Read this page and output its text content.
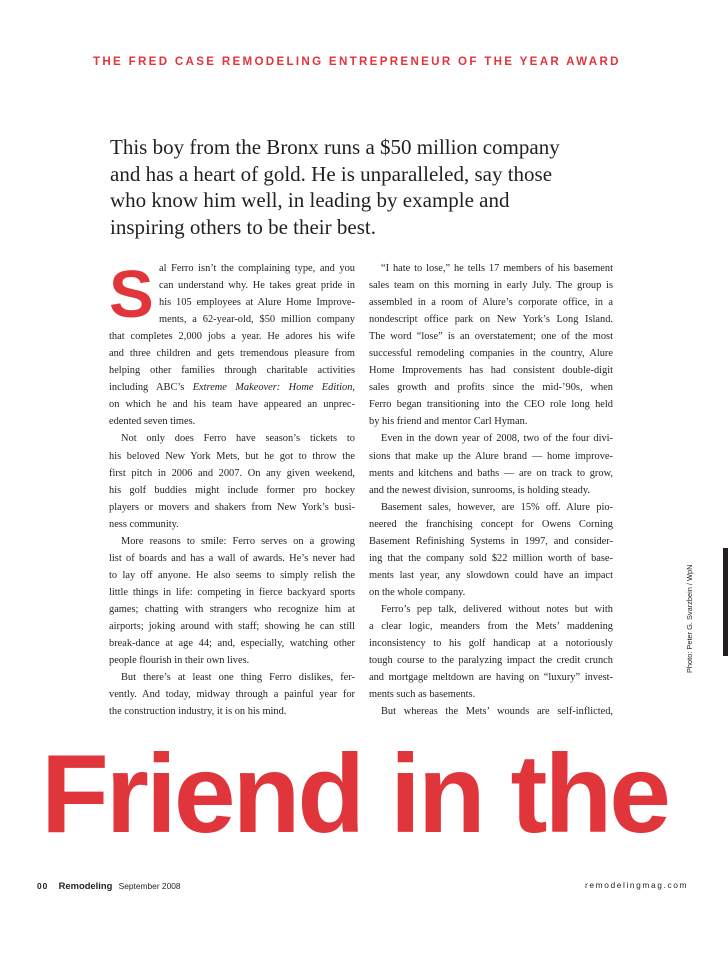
THE FRED CASE REMODELING ENTREPRENEUR OF THE YEAR AWARD
This boy from the Bronx runs a $50 million company
and has a heart of gold. He is unparalleled, say those
who know him well, in leading by example and
inspiring others to be their best.
S al Ferro isn’t the complaining type, and you
can understand why. He takes great pride in
his 105 employees at Alure Home Improve-
ments, a 62-year-old, $50 million company
that completes 2,000 jobs a year. He adores his wife
and three children and gets tremendous pleasure from
helping other families through charitable activities
including ABC’s Extreme Makeover: Home Edition,
on which he and his team have appeared an unprec-
edented seven times.
Not only does Ferro have season’s tickets to
his beloved New York Mets, but he got to throw the
first pitch in 2006 and 2007. On any given weekend,
his golf buddies might include former pro hockey
players or movers and shakers from New York’s busi-
ness community.
More reasons to smile: Ferro serves on a growing
list of boards and has a wall of awards. He’s never had
to lay off anyone. He also seems to simply relish the
little things in life: competing in fierce backyard sports
games; chatting with strangers who recognize him at
airports; joking around with staff; showing he can still
break-dance at age 44; and, especially, watching other
people flourish in their own lives.
But there’s at least one thing Ferro dislikes, fer-
vently. And today, midway through a painful year for
the construction industry, it is on his mind.
“I hate to lose,” he tells 17 members of his basement
sales team on this morning in early July. The group is
assembled in a room of Alure’s corporate office, in a
nondescript office park on New York’s Long Island.
The word “lose” is an overstatement; one of the most
successful remodeling companies in the country, Alure
Home Improvements has had consistent double-digit
sales growth and profits since the mid-’90s, when
Ferro began transitioning into the CEO role long held
by his friend and mentor Carl Hyman.
Even in the down year of 2008, two of the four divi-
sions that make up the Alure brand — home improve-
ments and kitchens and baths — are on track to grow,
and the newest division, sunrooms, is holding steady.
Basement sales, however, are 15% off. Alure pio-
neered the franchising concept for Owens Corning
Basement Refinishing Systems in 1997, and consider-
ing that the company sold $22 million worth of base-
ments last year, any slowdown could have an impact
on the whole company.
Ferro’s pep talk, delivered without notes but with
a clear logic, meanders from the Mets’ maddening
inconsistency to his golf handicap at a notoriously
tough course to the paralyzing impact the credit crunch
and mortgage meltdown are having on “luxury” invest-
ments such as basements.
But whereas the Mets’ wounds are self-inflicted,
Photo: Peter G. Svarzbein / WpN
Friend in the
00 Remodeling September 2008	remodelingmag.com
